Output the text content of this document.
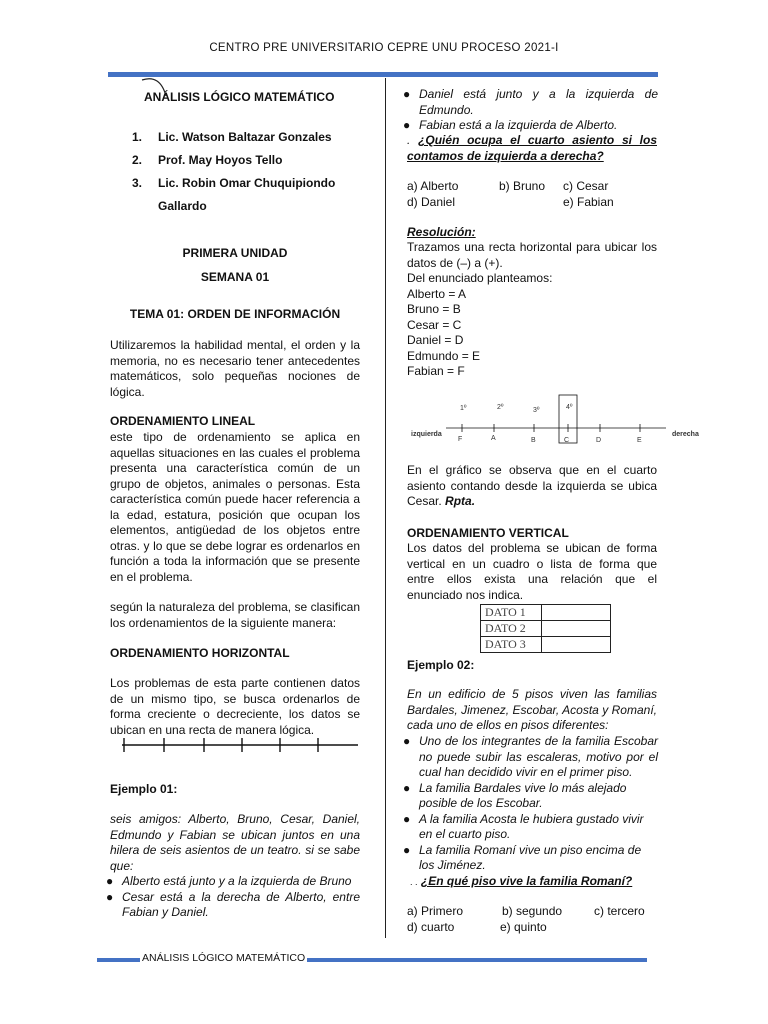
CENTRO PRE UNIVERSITARIO CEPRE UNU PROCESO 2021-I
ANÁLISIS LÓGICO MATEMÁTICO
1. Lic. Watson Baltazar Gonzales
2. Prof. May Hoyos Tello
3. Lic. Robin Omar Chuquipiondo
Gallardo
PRIMERA UNIDAD
SEMANA 01
TEMA 01: ORDEN DE INFORMACIÓN
Utilizaremos la habilidad mental, el orden y la memoria, no es necesario tener antecedentes matemáticos, solo pequeñas nociones de lógica.
ORDENAMIENTO LINEAL
este tipo de ordenamiento se aplica en aquellas situaciones en las cuales el problema presenta una característica común de un grupo de objetos, animales o personas. Esta característica común puede hacer referencia a la edad, estatura, posición que ocupan los elementos, antigüedad de los objetos entre otras. y lo que se debe lograr es ordenarlos en función a toda la información que se presente en el problema.
según la naturaleza del problema, se clasifican los ordenamientos de la siguiente manera:
ORDENAMIENTO HORIZONTAL
Los problemas de esta parte contienen datos de un mismo tipo, se busca ordenarlos de forma creciente o decreciente, los datos se ubican en una recta de manera lógica.
Ejemplo 01:
seis amigos: Alberto, Bruno, Cesar, Daniel, Edmundo y Fabian se ubican juntos en una hilera de seis asientos de un teatro. si se sabe que:
● Alberto está junto y a la izquierda de Bruno
● Cesar está a la derecha de Alberto, entre Fabian y Daniel.
● Daniel está junto y a la izquierda de Edmundo.
● Fabian está a la izquierda de Alberto.
. ¿Quién ocupa el cuarto asiento si los contamos de izquierda a derecha?
a) Alberto	b) Bruno	c) Cesar
d) Daniel	e) Fabian
Resolución:
Trazamos una recta horizontal para ubicar los datos de (–) a (+).
Del enunciado planteamos:
Alberto = A
Bruno = B
Cesar = C
Daniel = D
Edmundo = E
Fabian = F
izquierda	derecha
1º	2º	3º	4º
F	A	B	C	D	E
En el gráfico se observa que en el cuarto asiento contando desde la izquierda se ubica Cesar. Rpta.
ORDENAMIENTO VERTICAL
Los datos del problema se ubican de forma vertical en un cuadro o lista de forma que entre ellos exista una relación que el enunciado nos indica.
DATO 1	
DATO 2	
DATO 3	
Ejemplo 02:
En un edificio de 5 pisos viven las familias Bardales, Jimenez, Escobar, Acosta y Romaní, cada uno de ellos en pisos diferentes:
● Uno de los integrantes de la familia Escobar no puede subir las escaleras, motivo por el cual han decidido vivir en el primer piso.
● La familia Bardales vive lo más alejado posible de los Escobar.
● A la familia Acosta le hubiera gustado vivir en el cuarto piso.
● La familia Romaní vive un piso encima de los Jiménez.
. . ¿En qué piso vive la familia Romaní?
a) Primero	b) segundo	c) tercero
d) cuarto	e) quinto
ANÁLISIS LÓGICO MATEMÁTICO
